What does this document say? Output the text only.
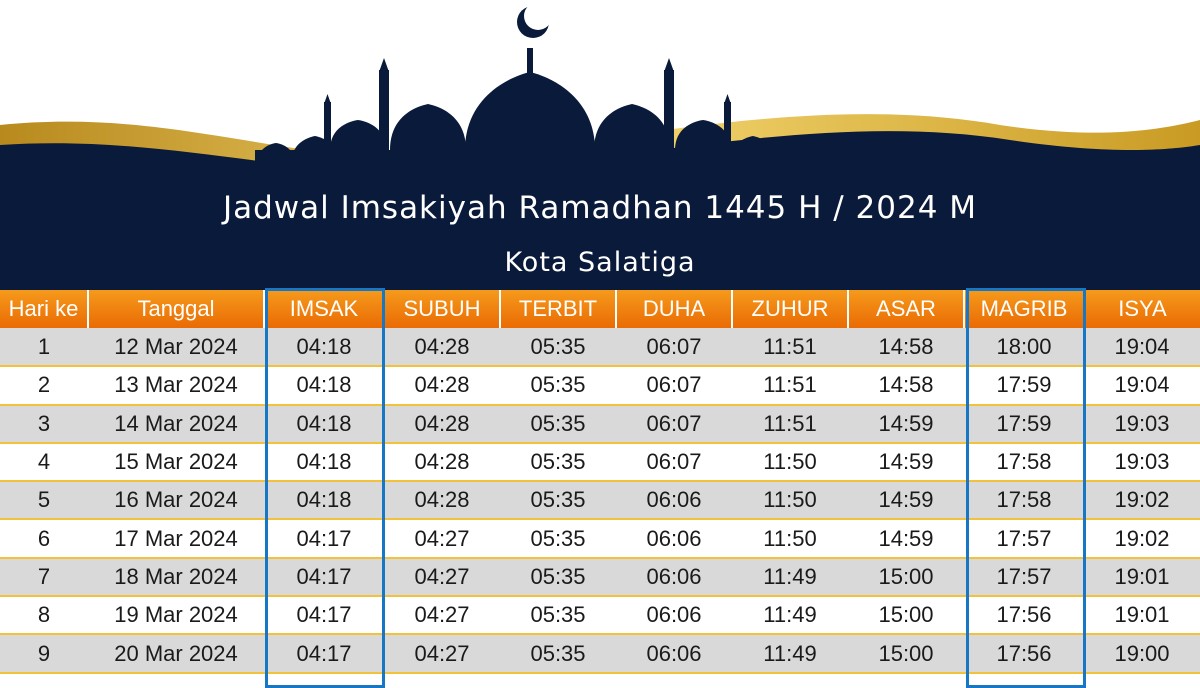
Jadwal Imsakiyah Ramadhan 1445 H / 2024 M
Kota Salatiga
Hari ke	Tanggal	IMSAK	SUBUH	TERBIT	DUHA	ZUHUR	ASAR	MAGRIB	ISYA
1	12 Mar 2024	04:18	04:28	05:35	06:07	11:51	14:58	18:00	19:04
2	13 Mar 2024	04:18	04:28	05:35	06:07	11:51	14:58	17:59	19:04
3	14 Mar 2024	04:18	04:28	05:35	06:07	11:51	14:59	17:59	19:03
4	15 Mar 2024	04:18	04:28	05:35	06:07	11:50	14:59	17:58	19:03
5	16 Mar 2024	04:18	04:28	05:35	06:06	11:50	14:59	17:58	19:02
6	17 Mar 2024	04:17	04:27	05:35	06:06	11:50	14:59	17:57	19:02
7	18 Mar 2024	04:17	04:27	05:35	06:06	11:49	15:00	17:57	19:01
8	19 Mar 2024	04:17	04:27	05:35	06:06	11:49	15:00	17:56	19:01
9	20 Mar 2024	04:17	04:27	05:35	06:06	11:49	15:00	17:56	19:00
